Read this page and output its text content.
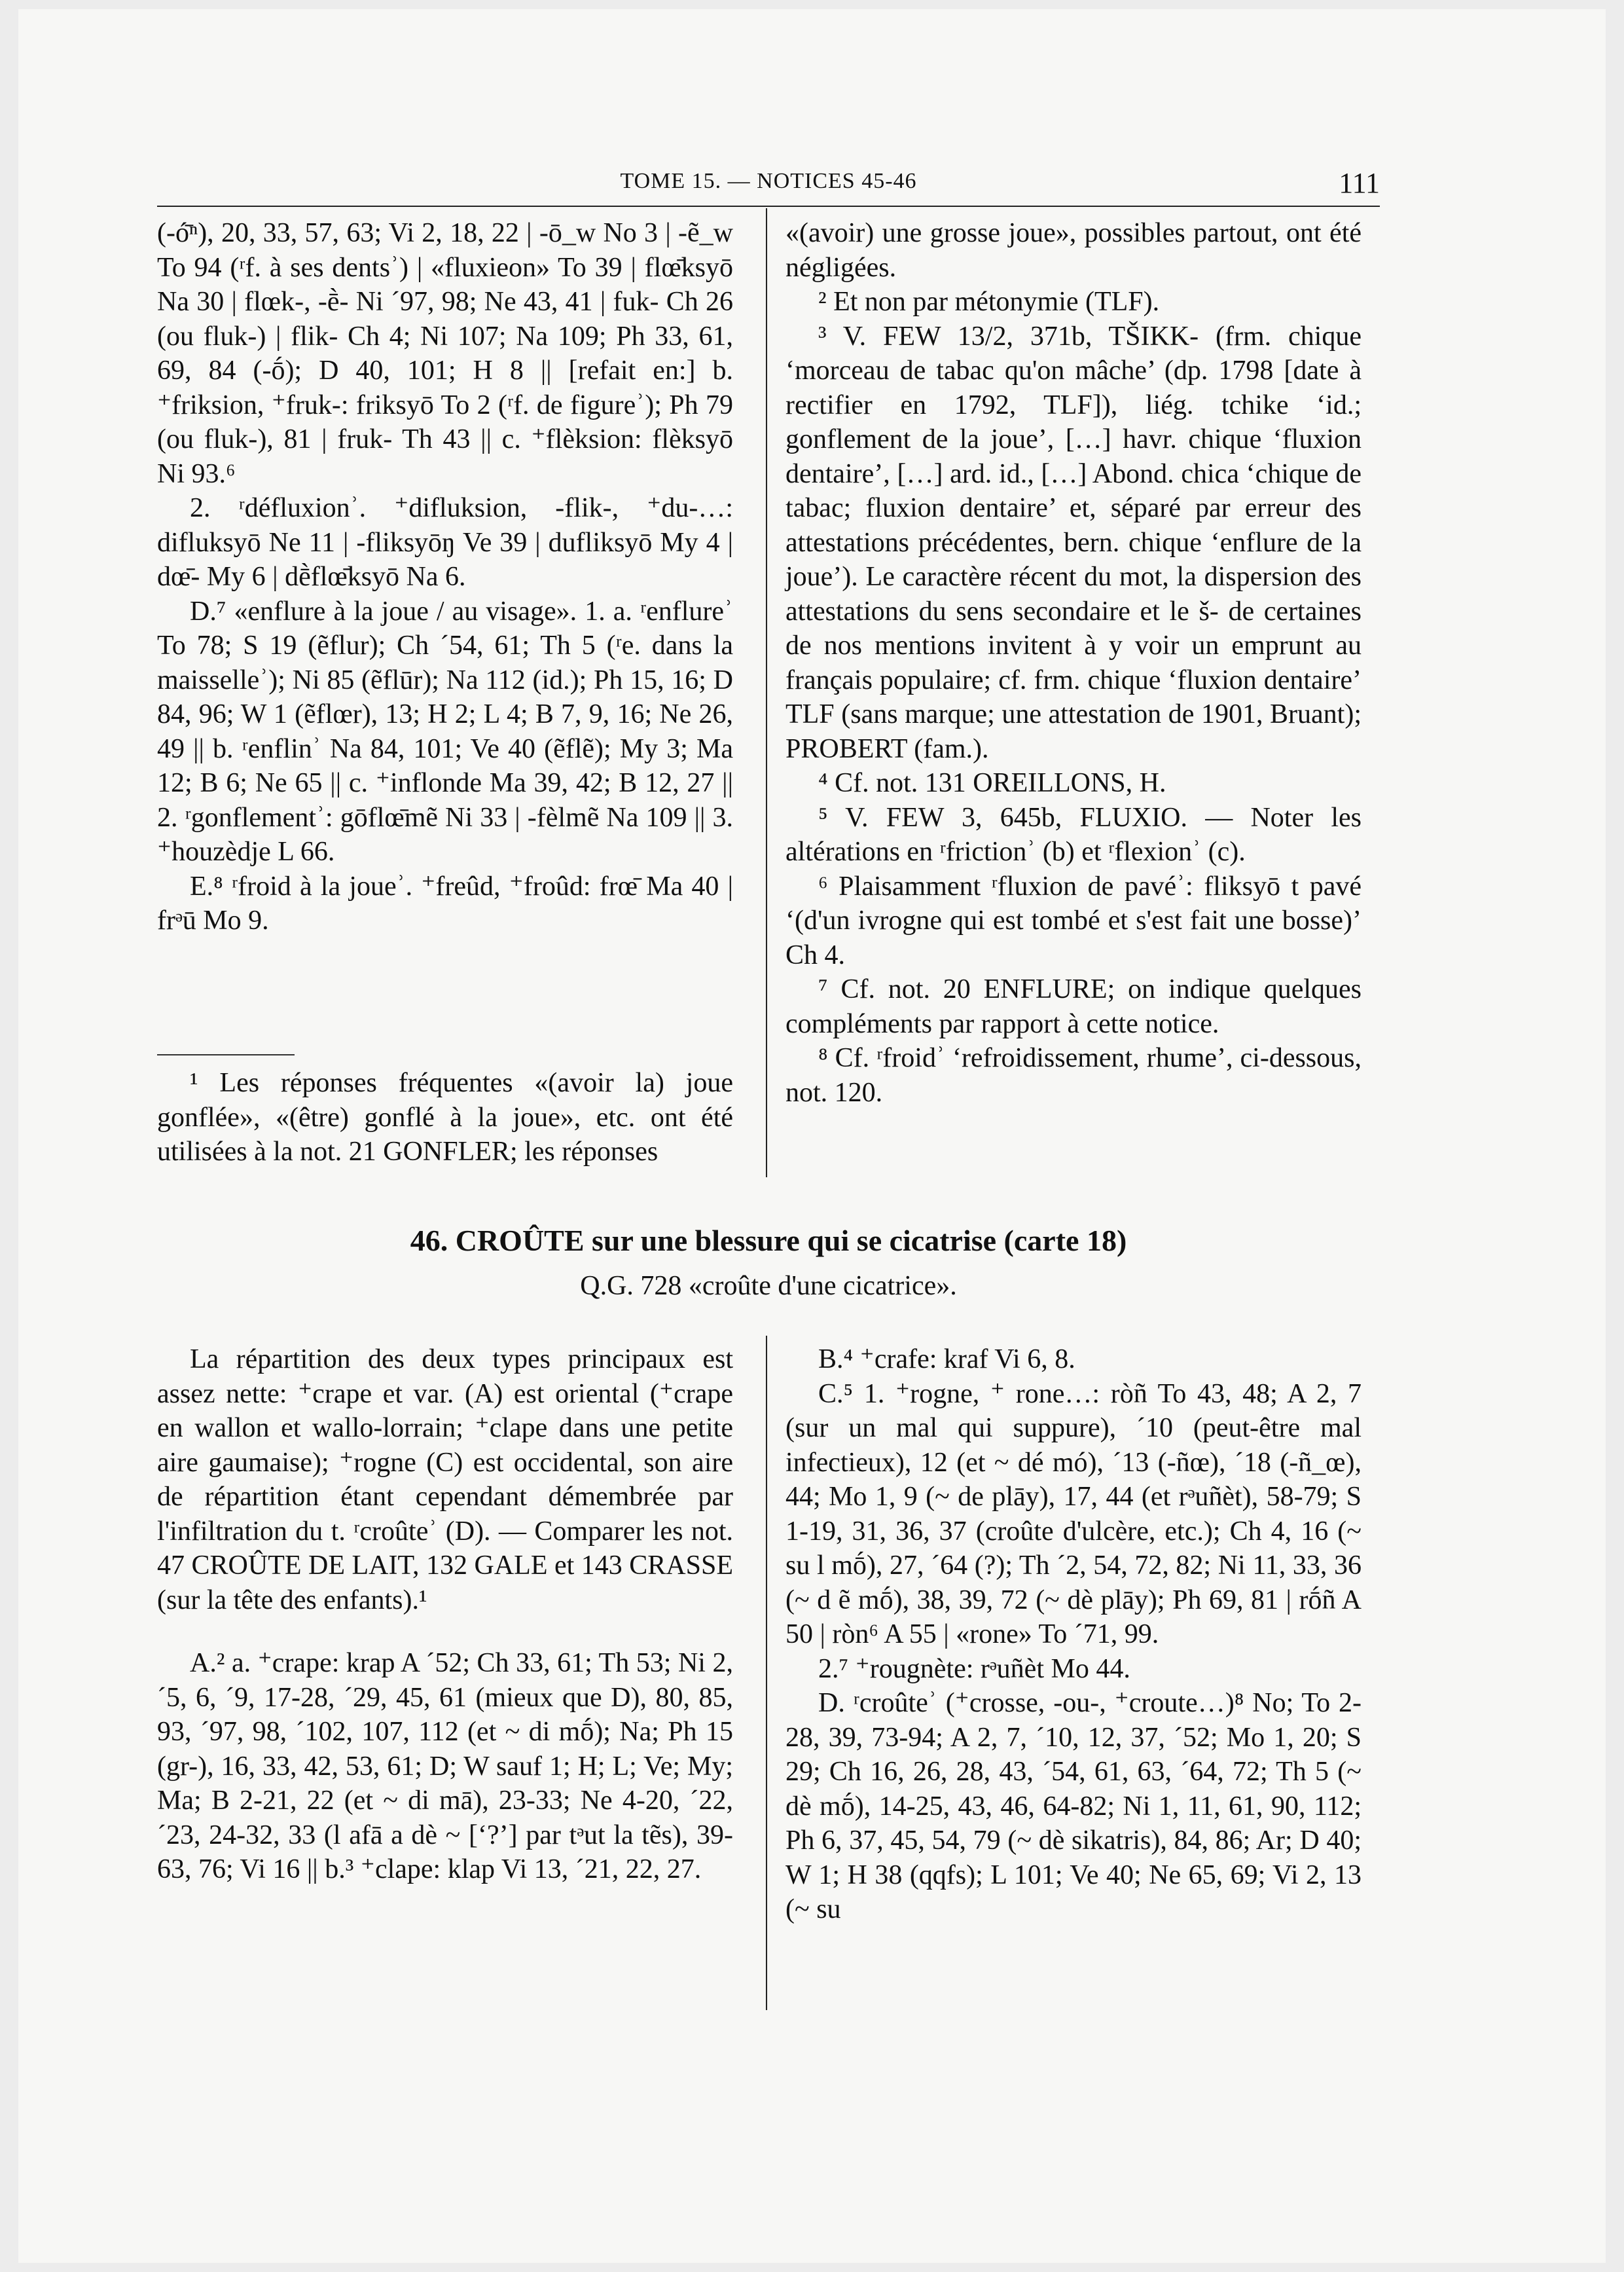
TOME 15. — NOTICES 45-46	111

(-ó̄ⁿ), 20, 33, 57, 63; Vi 2, 18, 22 | -ō_w No 3 | -ẽ_w To 94 (ʳf. à ses dentsʾ) | «fluxieon» To 39 | flœ̄ksyō Na 30 | flœk-, -ḕ- Ni ´97, 98; Ne 43, 41 | fuk- Ch 26 (ou fluk-) | flik- Ch 4; Ni 107; Na 109; Ph 33, 61, 69, 84 (-ṓ); D 40, 101; H 8 || [refait en:] b. ⁺friksion, ⁺fruk-: friksyō To 2 (ʳf. de figureʾ); Ph 79 (ou fluk-), 81 | fruk- Th 43 || c. ⁺flèksion: flèksyō Ni 93.⁶

2. ʳdéfluxionʾ. ⁺difluksion, -flik-, ⁺du-…: difluksyō Ne 11 | -fliksyōŋ Ve 39 | dufliksyō My 4 | dœ̄- My 6 | dḕflœ̄ksyō Na 6.

D.⁷ «enflure à la joue / au visage». 1. a. ʳenflureʾ To 78; S 19 (ẽflur); Ch ´54, 61; Th 5 (ʳe. dans la maisselleʾ); Ni 85 (ẽflūr); Na 112 (id.); Ph 15, 16; D 84, 96; W 1 (ẽflœr), 13; H 2; L 4; B 7, 9, 16; Ne 26, 49 || b. ʳenflinʾ Na 84, 101; Ve 40 (ẽflẽ); My 3; Ma 12; B 6; Ne 65 || c. ⁺inflonde Ma 39, 42; B 12, 27 || 2. ʳgonflementʾ: gōflœ̄mẽ Ni 33 | -fèlmẽ Na 109 || 3. ⁺houzèdje L 66.

E.⁸ ʳfroid à la joueʾ. ⁺freûd, ⁺froûd: frœ̄ Ma 40 | frᵊū Mo 9.

¹ Les réponses fréquentes «(avoir la) joue gonflée», «(être) gonflé à la joue», etc. ont été utilisées à la not. 21 GONFLER; les réponses

«(avoir) une grosse joue», possibles partout, ont été négligées.

² Et non par métonymie (TLF).

³ V. FEW 13/2, 371b, TŠIKK- (frm. chique ‘morceau de tabac qu'on mâche’ (dp. 1798 [date à rectifier en 1792, TLF]), liég. tchike ‘id.; gonflement de la joue’, […] havr. chique ‘fluxion dentaire’, […] ard. id., […] Abond. chica ‘chique de tabac; fluxion dentaire’ et, séparé par erreur des attestations précédentes, bern. chique ‘enflure de la joue’). Le caractère récent du mot, la dispersion des attestations du sens secondaire et le š- de certaines de nos mentions invitent à y voir un emprunt au français populaire; cf. frm. chique ‘fluxion dentaire’ TLF (sans marque; une attestation de 1901, Bruant); PROBERT (fam.).

⁴ Cf. not. 131 OREILLONS, H.

⁵ V. FEW 3, 645b, FLUXIO. — Noter les altérations en ʳfrictionʾ (b) et ʳflexionʾ (c).

⁶ Plaisamment ʳfluxion de pavéʾ: fliksyō t pavé ‘(d'un ivrogne qui est tombé et s'est fait une bosse)’ Ch 4.

⁷ Cf. not. 20 ENFLURE; on indique quelques compléments par rapport à cette notice.

⁸ Cf. ʳfroidʾ ‘refroidissement, rhume’, ci-dessous, not. 120.

46. CROÛTE sur une blessure qui se cicatrise (carte 18)
Q.G. 728 «croûte d'une cicatrice».

La répartition des deux types principaux est assez nette: ⁺crape et var. (A) est oriental (⁺crape en wallon et wallo-lorrain; ⁺clape dans une petite aire gaumaise); ⁺rogne (C) est occidental, son aire de répartition étant cependant démembrée par l'infiltration du t. ʳcroûteʾ (D). — Comparer les not. 47 CROÛTE DE LAIT, 132 GALE et 143 CRASSE (sur la tête des enfants).¹

A.² a. ⁺crape: krap A ´52; Ch 33, 61; Th 53; Ni 2, ´5, 6, ´9, 17-28, ´29, 45, 61 (mieux que D), 80, 85, 93, ´97, 98, ´102, 107, 112 (et ~ di mṓ); Na; Ph 15 (gr-), 16, 33, 42, 53, 61; D; W sauf 1; H; L; Ve; My; Ma; B 2-21, 22 (et ~ di mā), 23-33; Ne 4-20, ´22, ´23, 24-32, 33 (l afā a dè ~ [‘?’] par tᵊut la tẽs), 39-63, 76; Vi 16 || b.³ ⁺clape: klap Vi 13, ´21, 22, 27.

B.⁴ ⁺crafe: kraf Vi 6, 8.

C.⁵ 1. ⁺rogne, ⁺ rone…: ròñ To 43, 48; A 2, 7 (sur un mal qui suppure), ´10 (peut-être mal infectieux), 12 (et ~ dé mó), ´13 (-ñœ), ´18 (-ñ_œ), 44; Mo 1, 9 (~ de plāy), 17, 44 (et rᵊuñèt), 58-79; S 1-19, 31, 36, 37 (croûte d'ulcère, etc.); Ch 4, 16 (~ su l mṓ), 27, ´64 (?); Th ´2, 54, 72, 82; Ni 11, 33, 36 (~ d ẽ mṓ), 38, 39, 72 (~ dè plāy); Ph 69, 81 | rṓñ A 50 | ròn⁶ A 55 | «rone» To ´71, 99.

2.⁷ ⁺rougnète: rᵊuñèt Mo 44.

D. ʳcroûteʾ (⁺crosse, -ou-, ⁺croute…)⁸ No; To 2-28, 39, 73-94; A 2, 7, ´10, 12, 37, ´52; Mo 1, 20; S 29; Ch 16, 26, 28, 43, ´54, 61, 63, ´64, 72; Th 5 (~ dè mṓ), 14-25, 43, 46, 64-82; Ni 1, 11, 61, 90, 112; Ph 6, 37, 45, 54, 79 (~ dè sikatris), 84, 86; Ar; D 40; W 1; H 38 (qqfs); L 101; Ve 40; Ne 65, 69; Vi 2, 13 (~ su
